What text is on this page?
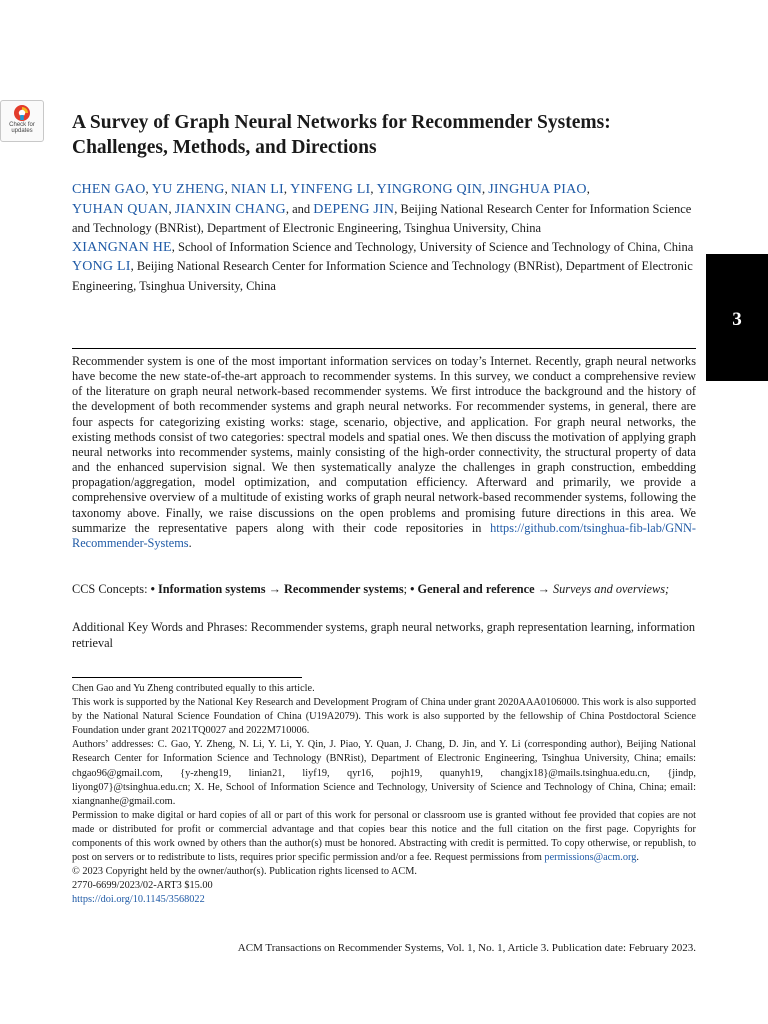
Check for
updates
3
A Survey of Graph Neural Networks for Recommender Systems: Challenges, Methods, and Directions

CHEN GAO, YU ZHENG, NIAN LI, YINFENG LI, YINGRONG QIN, JINGHUA PIAO,
YUHAN QUAN, JIANXIN CHANG, and DEPENG JIN, Beijing National Research Center for Information Science and Technology (BNRist), Department of Electronic Engineering, Tsinghua University, China
XIANGNAN HE, School of Information Science and Technology, University of Science and Technology of China, China
YONG LI, Beijing National Research Center for Information Science and Technology (BNRist), Department of Electronic Engineering, Tsinghua University, China

Recommender system is one of the most important information services on today’s Internet. Recently, graph neural networks have become the new state-of-the-art approach to recommender systems. In this survey, we conduct a comprehensive review of the literature on graph neural network-based recommender systems. We first introduce the background and the history of the development of both recommender systems and graph neural networks. For recommender systems, in general, there are four aspects for categorizing existing works: stage, scenario, objective, and application. For graph neural networks, the existing methods consist of two categories: spectral models and spatial ones. We then discuss the motivation of applying graph neural networks into recommender systems, mainly consisting of the high-order connectivity, the structural property of data and the enhanced supervision signal. We then systematically analyze the challenges in graph construction, embedding propagation/aggregation, model optimization, and computation efficiency. Afterward and primarily, we provide a comprehensive overview of a multitude of existing works of graph neural network-based recommender systems, following the taxonomy above. Finally, we raise discussions on the open problems and promising future directions in this area. We summarize the representative papers along with their code repositories in https://github.com/tsinghua-fib-lab/GNN-Recommender-Systems.

CCS Concepts: • Information systems → Recommender systems; • General and reference → Surveys and overviews;

Additional Key Words and Phrases: Recommender systems, graph neural networks, graph representation learning, information retrieval

Chen Gao and Yu Zheng contributed equally to this article.

This work is supported by the National Key Research and Development Program of China under grant 2020AAA0106000. This work is also supported by the National Natural Science Foundation of China (U19A2079). This work is also supported by the fellowship of China Postdoctoral Science Foundation under grant 2021TQ0027 and 2022M710006.

Authors’ addresses: C. Gao, Y. Zheng, N. Li, Y. Li, Y. Qin, J. Piao, Y. Quan, J. Chang, D. Jin, and Y. Li (corresponding author), Beijing National Research Center for Information Science and Technology (BNRist), Department of Electronic Engineering, Tsinghua University, China; emails: chgao96@gmail.com, {y-zheng19, linian21, liyf19, qyr16, pojh19, quanyh19, changjx18}@mails.tsinghua.edu.cn, {jindp, liyong07}@tsinghua.edu.cn; X. He, School of Information Science and Technology, University of Science and Technology of China, China; email: xiangnanhe@gmail.com.

Permission to make digital or hard copies of all or part of this work for personal or classroom use is granted without fee provided that copies are not made or distributed for profit or commercial advantage and that copies bear this notice and the full citation on the first page. Copyrights for components of this work owned by others than the author(s) must be honored. Abstracting with credit is permitted. To copy otherwise, or republish, to post on servers or to redistribute to lists, requires prior specific permission and/or a fee. Request permissions from permissions@acm.org.

© 2023 Copyright held by the owner/author(s). Publication rights licensed to ACM.

2770-6699/2023/02-ART3 $15.00

https://doi.org/10.1145/3568022

ACM Transactions on Recommender Systems, Vol. 1, No. 1, Article 3. Publication date: February 2023.
